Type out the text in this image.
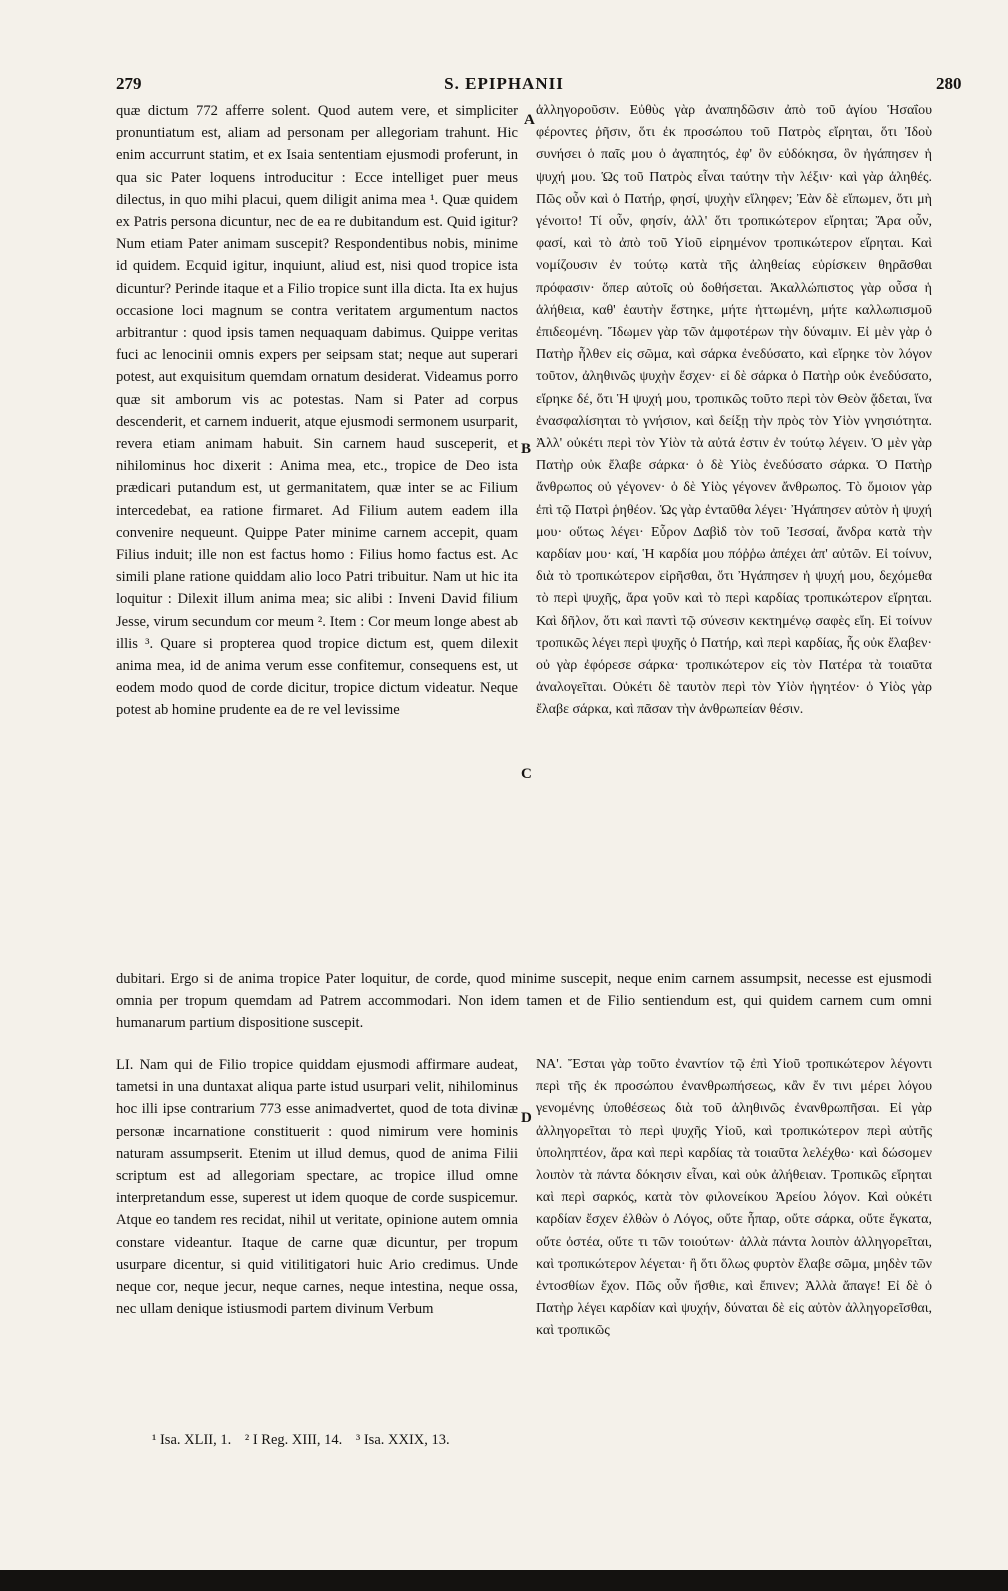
279	S. EPIPHANII	280

quæ dictum 772 afferre solent. Quod autem vere, et simpliciter pronuntiatum est, aliam ad personam per allegoriam trahunt. Hic enim accurrunt statim, et ex Isaia sententiam ejusmodi proferunt, in qua sic Pater loquens introducitur : Ecce intelliget puer meus dilectus, in quo mihi placui, quem diligit anima mea ¹. Quæ quidem ex Patris persona dicuntur, nec de ea re dubitandum est. Quid igitur? Num etiam Pater animam suscepit? Respondentibus nobis, minime id quidem. Ecquid igitur, inquiunt, aliud est, nisi quod tropice ista dicuntur? Perinde itaque et a Filio tropice sunt illa dicta. Ita ex hujus occasione loci magnum se contra veritatem argumentum nactos arbitrantur : quod ipsis tamen nequaquam dabimus. Quippe veritas fuci ac lenocinii omnis expers per seipsam stat; neque aut superari potest, aut exquisitum quemdam ornatum desiderat. Videamus porro quæ sit amborum vis ac potestas. Nam si Pater ad corpus descenderit, et carnem induerit, atque ejusmodi sermonem usurparit, revera etiam animam habuit. Sin carnem haud susceperit, et nihilominus hoc dixerit : Anima mea, etc., tropice de Deo ista prædicari putandum est, ut germanitatem, quæ inter se ac Filium intercedebat, ea ratione firmaret. Ad Filium autem eadem illa convenire nequeunt. Quippe Pater minime carnem accepit, quam Filius induit; ille non est factus homo : Filius homo factus est. Ac simili plane ratione quiddam alio loco Patri tribuitur. Nam ut hic ita loquitur : Dilexit illum anima mea; sic alibi : Inveni David filium Jesse, virum secundum cor meum ². Item : Cor meum longe abest ab illis ³. Quare si propterea quod tropice dictum est, quem dilexit anima mea, id de anima verum esse confitemur, consequens est, ut eodem modo quod de corde dicitur, tropice dictum videatur. Neque potest ab homine prudente ea de re vel levissime

ἀλληγοροῦσιν. Εὐθὺς γὰρ ἀναπηδῶσιν ἀπὸ τοῦ ἁγίου Ἡσαΐου φέροντες ῥῆσιν, ὅτι ἐκ προσώπου τοῦ Πατρὸς εἴρηται, ὅτι Ἰδοὺ συνήσει ὁ παῖς μου ὁ ἀγαπητός, ἐφ' ὃν εὐδόκησα, ὃν ἠγάπησεν ἡ ψυχή μου. Ὡς τοῦ Πατρὸς εἶναι ταύτην τὴν λέξιν· καὶ γὰρ ἀληθές. Πῶς οὖν καὶ ὁ Πατήρ, φησί, ψυχὴν εἴληφεν; Ἐὰν δὲ εἴπωμεν, ὅτι μὴ γένοιτο! Τί οὖν, φησίν, ἀλλ' ὅτι τροπικώτερον εἴρηται; Ἄρα οὖν, φασί, καὶ τὸ ἀπὸ τοῦ Υἱοῦ εἰρημένον τροπικώτερον εἴρηται. Καὶ νομίζουσιν ἐν τούτῳ κατὰ τῆς ἀληθείας εὑρίσκειν θηρᾶσθαι πρόφασιν· ὅπερ αὐτοῖς οὐ δοθήσεται. Ἀκαλλώπιστος γὰρ οὖσα ἡ ἀλήθεια, καθ' ἑαυτὴν ἕστηκε, μήτε ἡττωμένη, μήτε καλλωπισμοῦ ἐπιδεομένη. Ἴδωμεν γὰρ τῶν ἀμφοτέρων τὴν δύναμιν. Εἰ μὲν γὰρ ὁ Πατὴρ ἦλθεν εἰς σῶμα, καὶ σάρκα ἐνεδύσατο, καὶ εἴρηκε τὸν λόγον τοῦτον, ἀληθινῶς ψυχὴν ἔσχεν· εἰ δὲ σάρκα ὁ Πατὴρ οὐκ ἐνεδύσατο, εἴρηκε δέ, ὅτι Ἡ ψυχή μου, τροπικῶς τοῦτο περὶ τὸν Θεὸν ᾄδεται, ἵνα ἐνασφαλίσηται τὸ γνήσιον, καὶ δείξῃ τὴν πρὸς τὸν Υἱὸν γνησιότητα. Ἀλλ' οὐκέτι περὶ τὸν Υἱὸν τὰ αὐτά ἐστιν ἐν τούτῳ λέγειν. Ὁ μὲν γὰρ Πατὴρ οὐκ ἔλαβε σάρκα· ὁ δὲ Υἱὸς ἐνεδύσατο σάρκα. Ὁ Πατὴρ ἄνθρωπος οὐ γέγονεν· ὁ δὲ Υἱὸς γέγονεν ἄνθρωπος. Τὸ ὅμοιον γὰρ ἐπὶ τῷ Πατρὶ ῥηθέον. Ὡς γὰρ ἐνταῦθα λέγει· Ἠγάπησεν αὐτὸν ἡ ψυχή μου· οὕτως λέγει· Εὗρον Δαβὶδ τὸν τοῦ Ἰεσσαί, ἄνδρα κατὰ τὴν καρδίαν μου· καί, Ἡ καρδία μου πόῤῥω ἀπέχει ἀπ' αὐτῶν. Εἰ τοίνυν, διὰ τὸ τροπικώτερον εἰρῆσθαι, ὅτι Ἠγάπησεν ἡ ψυχή μου, δεχόμεθα τὸ περὶ ψυχῆς, ἄρα γοῦν καὶ τὸ περὶ καρδίας τροπικώτερον εἴρηται. Καὶ δῆλον, ὅτι καὶ παντὶ τῷ σύνεσιν κεκτημένῳ σαφὲς εἴη. Εἰ τοίνυν τροπικῶς λέγει περὶ ψυχῆς ὁ Πατήρ, καὶ περὶ καρδίας, ἧς οὐκ ἔλαβεν· οὐ γὰρ ἐφόρεσε σάρκα· τροπικώτερον εἰς τὸν Πατέρα τὰ τοιαῦτα ἀναλογεῖται. Οὐκέτι δὲ ταυτὸν περὶ τὸν Υἱὸν ἡγητέον· ὁ Υἱὸς γὰρ ἔλαβε σάρκα, καὶ πᾶσαν τὴν ἀνθρωπείαν θέσιν.

A
B
C
D
dubitari. Ergo si de anima tropice Pater loquitur, de corde, quod minime suscepit, neque enim carnem assumpsit, necesse est ejusmodi omnia per tropum quemdam ad Patrem accommodari. Non idem tamen et de Filio sentiendum est, qui quidem carnem cum omni humanarum partium dispositione suscepit.

LI. Nam qui de Filio tropice quiddam ejusmodi affirmare audeat, tametsi in una duntaxat aliqua parte istud usurpari velit, nihilominus hoc illi ipse contrarium 773 esse animadvertet, quod de tota divinæ personæ incarnatione constituerit : quod nimirum vere hominis naturam assumpserit. Etenim ut illud demus, quod de anima Filii scriptum est ad allegoriam spectare, ac tropice illud omne interpretandum esse, superest ut idem quoque de corde suspicemur. Atque eo tandem res recidat, nihil ut veritate, opinione autem omnia constare videantur. Itaque de carne quæ dicuntur, per tropum usurpare dicentur, si quid vitilitigatori huic Ario credimus. Unde neque cor, neque jecur, neque carnes, neque intestina, neque ossa, nec ullam denique istiusmodi partem divinum Verbum

ΝΑ'. Ἔσται γὰρ τοῦτο ἐναντίον τῷ ἐπὶ Υἱοῦ τροπικώτερον λέγοντι περὶ τῆς ἐκ προσώπου ἐνανθρωπήσεως, κἂν ἔν τινι μέρει λόγου γενομένης ὑποθέσεως διὰ τοῦ ἀληθινῶς ἐνανθρωπῆσαι. Εἰ γὰρ ἀλληγορεῖται τὸ περὶ ψυχῆς Υἱοῦ, καὶ τροπικώτερον περὶ αὐτῆς ὑποληπτέον, ἄρα καὶ περὶ καρδίας τὰ τοιαῦτα λελέχθω· καὶ δώσομεν λοιπὸν τὰ πάντα δόκησιν εἶναι, καὶ οὐκ ἀλήθειαν. Τροπικῶς εἴρηται καὶ περὶ σαρκός, κατὰ τὸν φιλονείκου Ἀρείου λόγον. Καὶ οὐκέτι καρδίαν ἔσχεν ἐλθὼν ὁ Λόγος, οὔτε ἧπαρ, οὔτε σάρκα, οὔτε ἔγκατα, οὔτε ὀστέα, οὔτε τι τῶν τοιούτων· ἀλλὰ πάντα λοιπὸν ἀλληγορεῖται, καὶ τροπικώτερον λέγεται· ἢ ὅτι ὅλως φυρτὸν ἔλαβε σῶμα, μηδὲν τῶν ἐντοσθίων ἔχον. Πῶς οὖν ἤσθιε, καὶ ἔπινεν; Ἀλλὰ ἄπαγε! Εἰ δὲ ὁ Πατὴρ λέγει καρδίαν καὶ ψυχήν, δύναται δὲ εἰς αὐτὸν ἀλληγορεῖσθαι, καὶ τροπικῶς

¹ Isa. XLII, 1. ² I Reg. XIII, 14. ³ Isa. XXIX, 13.
